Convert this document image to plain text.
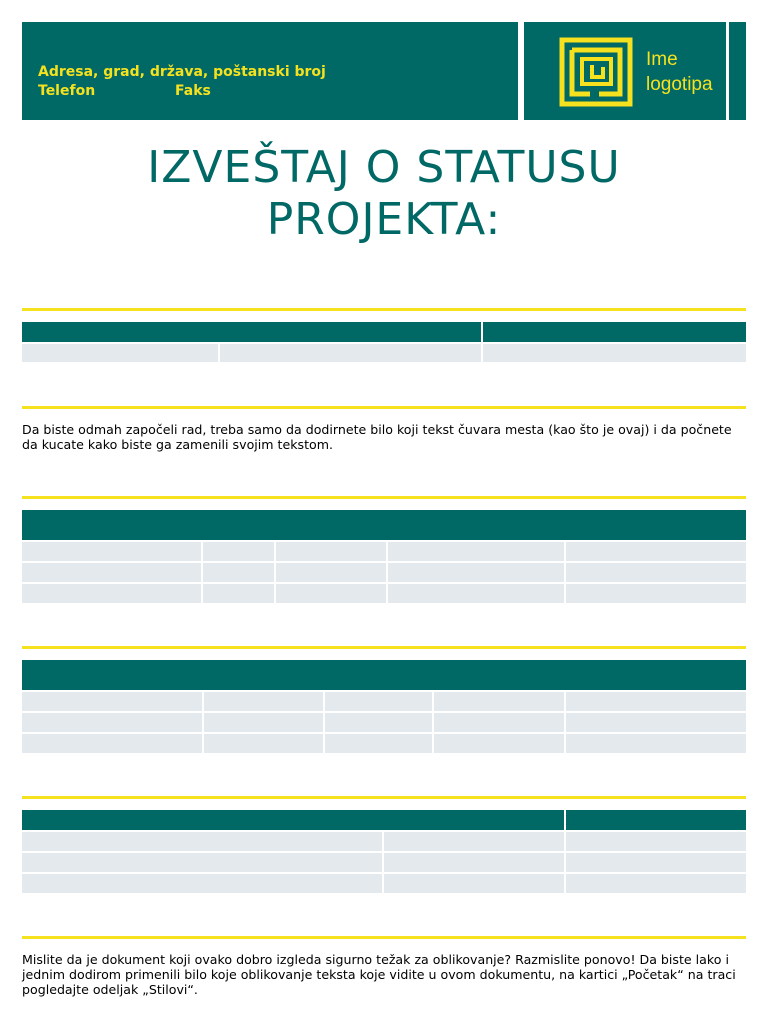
Adresa, grad, država, poštanski broj
Telefon	Faks
Ime
logotipa
IZVEŠTAJ O STATUSU
PROJEKTA:
Da biste odmah započeli rad, treba samo da dodirnete bilo koji tekst čuvara mesta (kao što je ovaj) i da počnete da kucate kako biste ga zamenili svojim tekstom.
Mislite da je dokument koji ovako dobro izgleda sigurno težak za oblikovanje? Razmislite ponovo! Da biste lako i jednim dodirom primenili bilo koje oblikovanje teksta koje vidite u ovom dokumentu, na kartici „Početak“ na traci pogledajte odeljak „Stilovi“.
